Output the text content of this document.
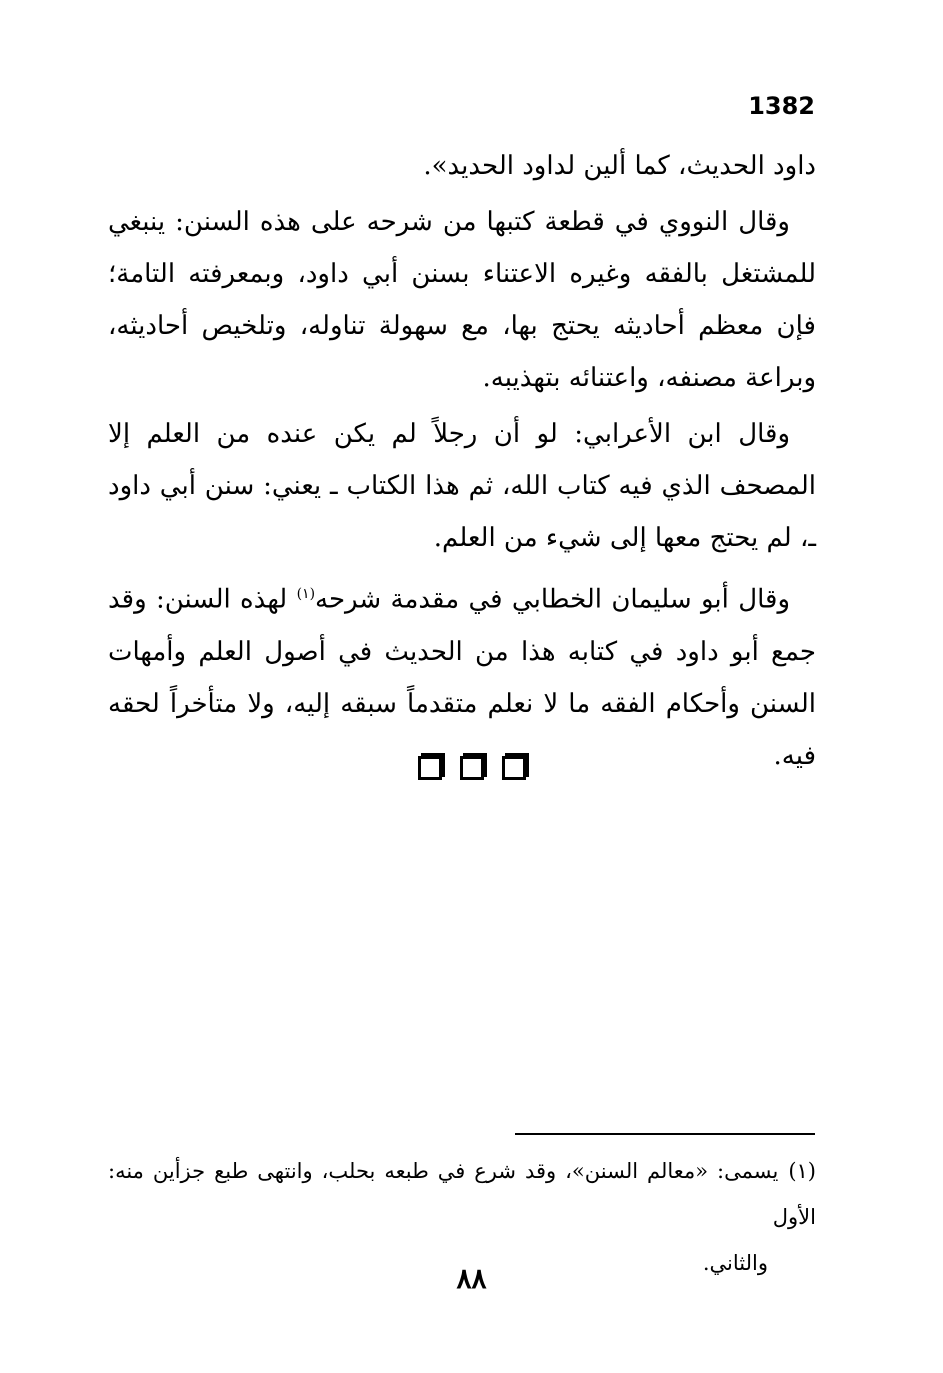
1382

داود الحديث، كما ألين لداود الحديد».

وقال النووي في قطعة كتبها من شرحه على هذه السنن: ينبغي للمشتغل بالفقه وغيره الاعتناء بسنن أبي داود، وبمعرفته التامة؛ فإن معظم أحاديثه يحتج بها، مع سهولة تناوله، وتلخيص أحاديثه، وبراعة مصنفه، واعتنائه بتهذيبه.

وقال ابن الأعرابي: لو أن رجلاً لم يكن عنده من العلم إلا المصحف الذي فيه كتاب الله، ثم هذا الكتاب ـ يعني: سنن أبي داود ـ، لم يحتج معها إلى شيء من العلم.

وقال أبو سليمان الخطابي في مقدمة شرحه$^{(١)}$ لهذه السنن: وقد جمع أبو داود في كتابه هذا من الحديث في أصول العلم وأمهات السنن وأحكام الفقه ما لا نعلم متقدماً سبقه إليه، ولا متأخراً لحقه فيه.

(١)يسمى: «معالم السنن»، وقد شرع في طبعه بحلب، وانتهى طبع جزأين منه: الأول
والثاني.
٨٨
